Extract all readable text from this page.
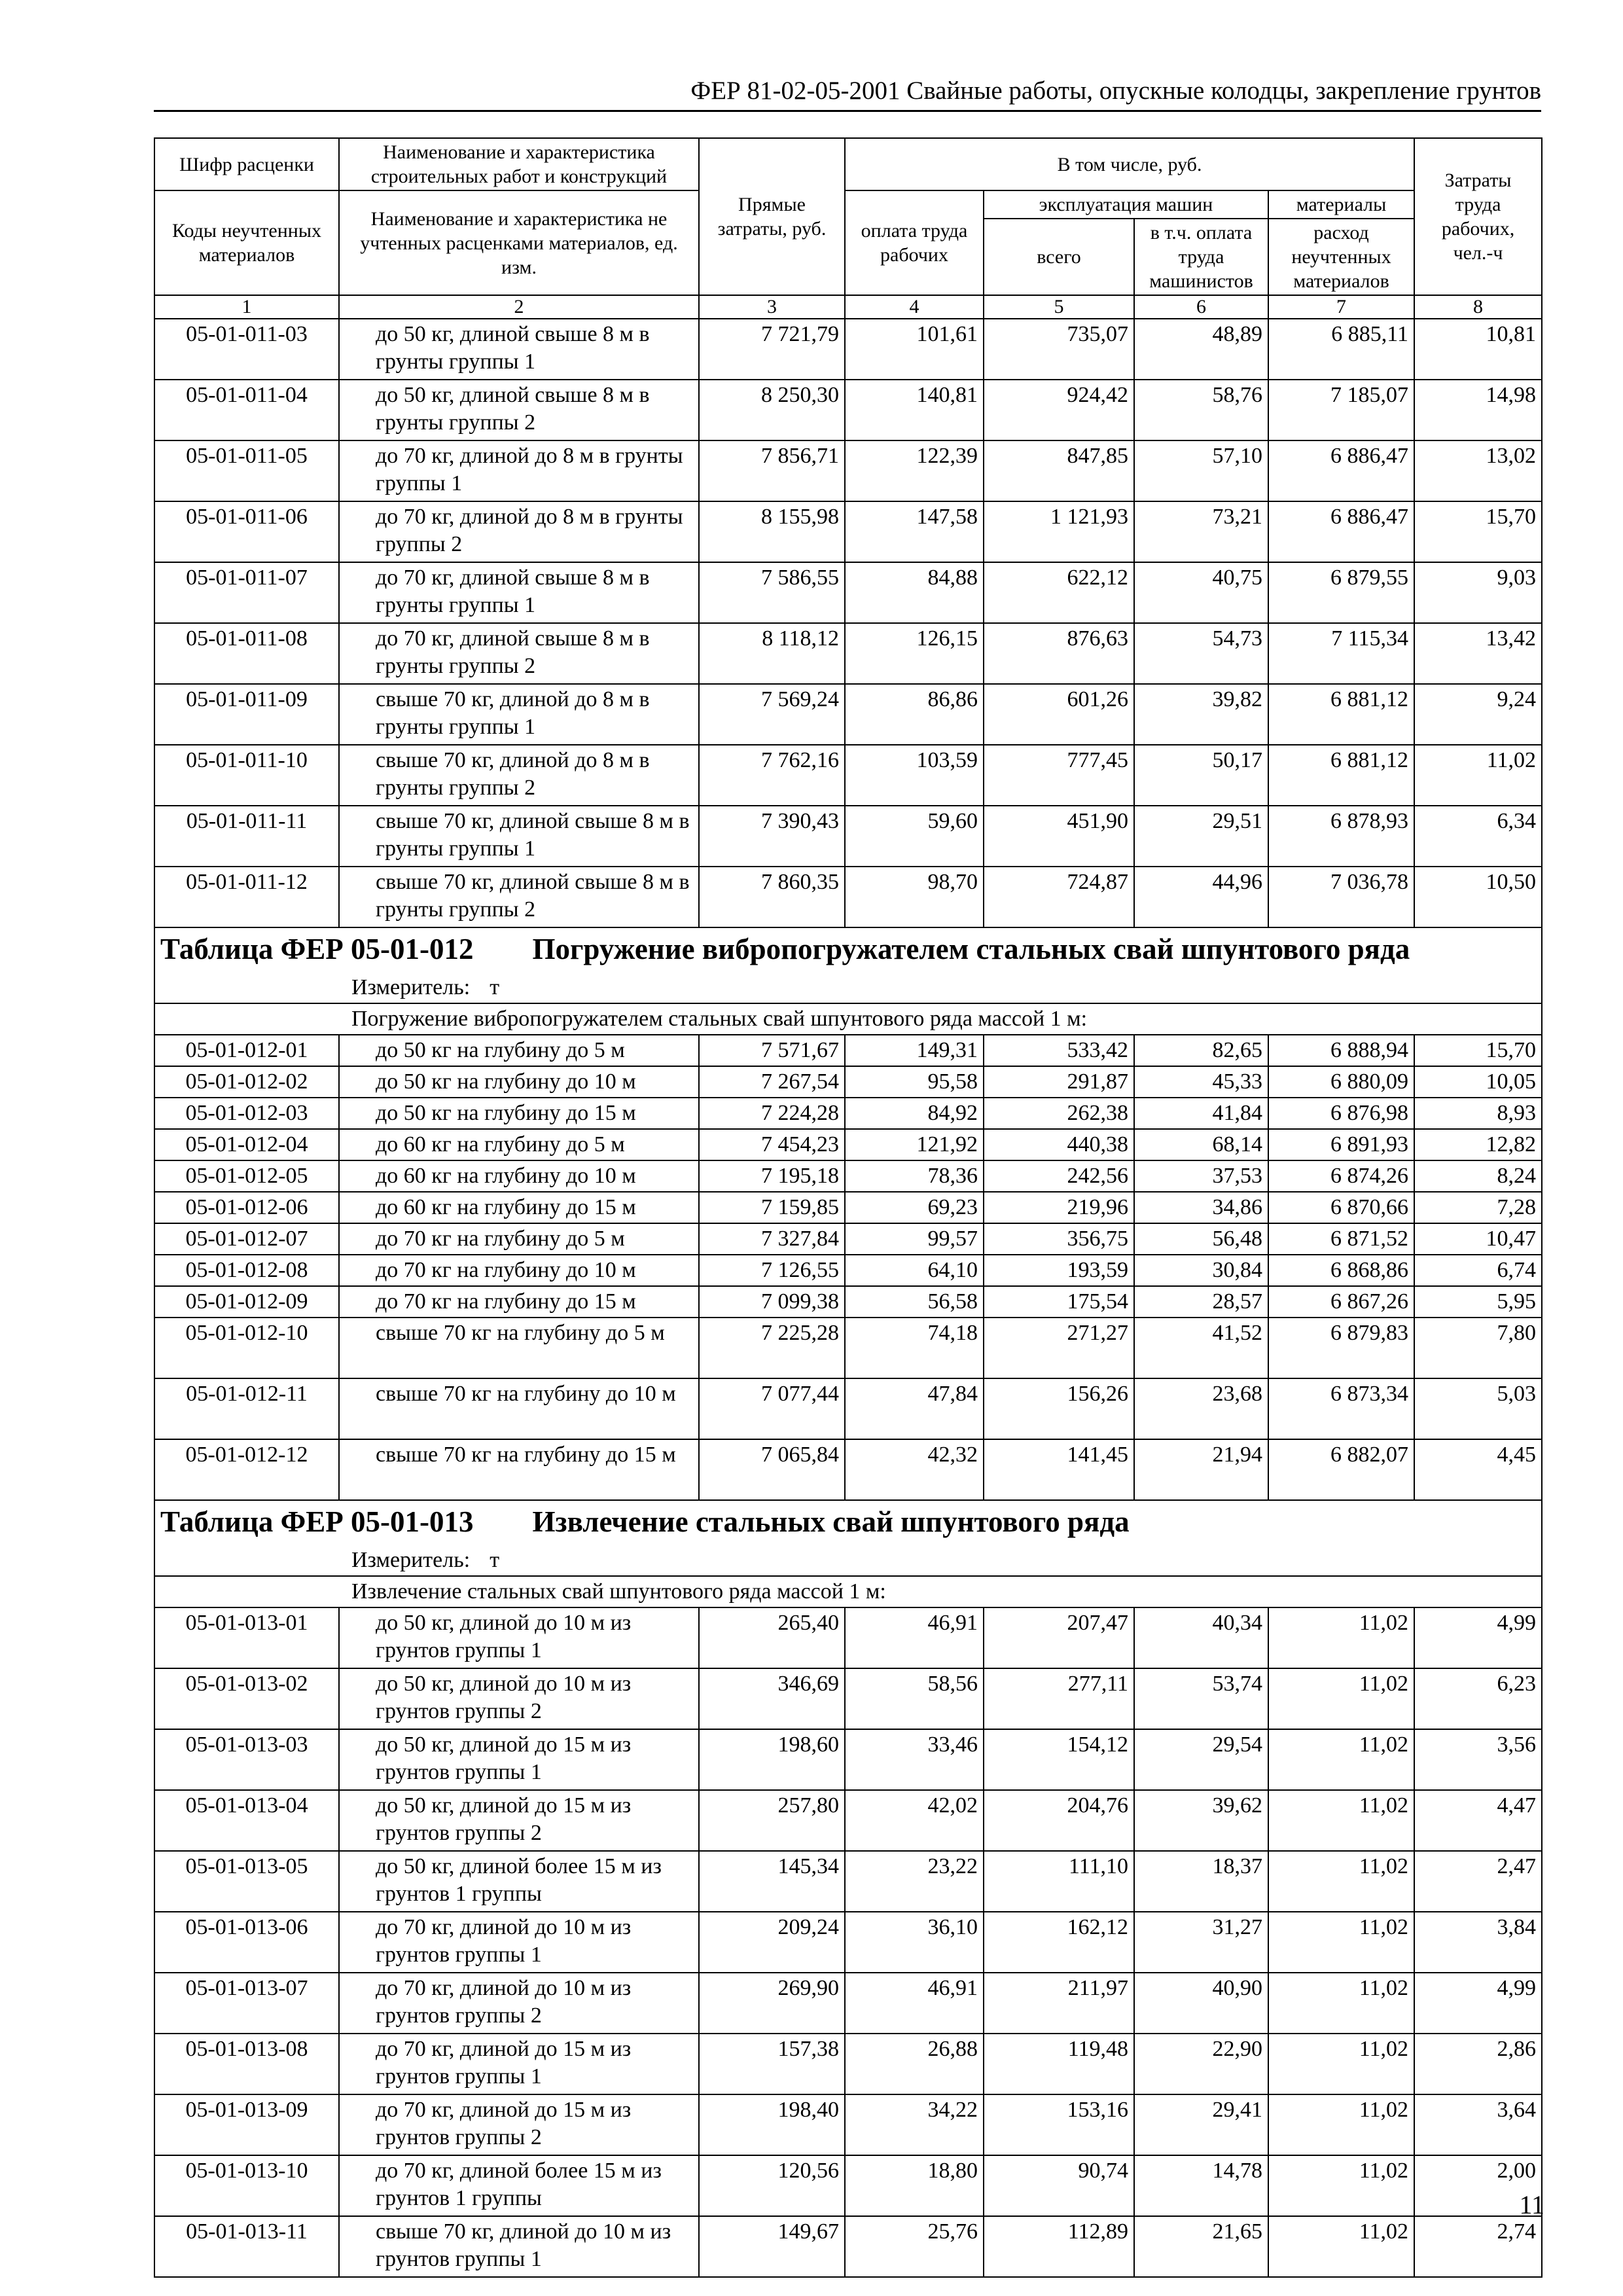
ФЕР 81-02-05-2001 Свайные работы, опускные колодцы, закрепление грунтов
Шифр расценки	Наименование и характеристика строительных работ и конструкций	Прямые затраты, руб.	В том числе, руб.				Затраты труда рабочих, чел.-ч
Коды неучтенных материалов	Наименование и характеристика не учтенных расценками материалов, ед. изм.		оплата труда рабочих	эксплуатация машин		материалы	
				всего	в т.ч. оплата труда машинистов	расход неучтенных материалов	
1	2	3	4	5	6	7	8
05-01-011-03	до 50 кг, длиной свыше 8 м в грунты группы 1	7 721,79	101,61	735,07	48,89	6 885,11	10,81
05-01-011-04	до 50 кг, длиной свыше 8 м в грунты группы 2	8 250,30	140,81	924,42	58,76	7 185,07	14,98
05-01-011-05	до 70 кг, длиной до 8 м в грунты группы 1	7 856,71	122,39	847,85	57,10	6 886,47	13,02
05-01-011-06	до 70 кг, длиной до 8 м в грунты группы 2	8 155,98	147,58	1 121,93	73,21	6 886,47	15,70
05-01-011-07	до 70 кг, длиной свыше 8 м в грунты группы 1	7 586,55	84,88	622,12	40,75	6 879,55	9,03
05-01-011-08	до 70 кг, длиной свыше 8 м в грунты группы 2	8 118,12	126,15	876,63	54,73	7 115,34	13,42
05-01-011-09	свыше 70 кг, длиной до 8 м в грунты группы 1	7 569,24	86,86	601,26	39,82	6 881,12	9,24
05-01-011-10	свыше 70 кг, длиной до 8 м в грунты группы 2	7 762,16	103,59	777,45	50,17	6 881,12	11,02
05-01-011-11	свыше 70 кг, длиной свыше 8 м в грунты группы 1	7 390,43	59,60	451,90	29,51	6 878,93	6,34
05-01-011-12	свыше 70 кг, длиной свыше 8 м в грунты группы 2	7 860,35	98,70	724,87	44,96	7 036,78	10,50
Таблица ФЕР 05-01-012 Погружение вибропогружателем стальных свай шпунтового ряда							
Измеритель: т							
Погружение вибропогружателем стальных свай шпунтового ряда массой 1 м:							
05-01-012-01	до 50 кг на глубину до 5 м	7 571,67	149,31	533,42	82,65	6 888,94	15,70
05-01-012-02	до 50 кг на глубину до 10 м	7 267,54	95,58	291,87	45,33	6 880,09	10,05
05-01-012-03	до 50 кг на глубину до 15 м	7 224,28	84,92	262,38	41,84	6 876,98	8,93
05-01-012-04	до 60 кг на глубину до 5 м	7 454,23	121,92	440,38	68,14	6 891,93	12,82
05-01-012-05	до 60 кг на глубину до 10 м	7 195,18	78,36	242,56	37,53	6 874,26	8,24
05-01-012-06	до 60 кг на глубину до 15 м	7 159,85	69,23	219,96	34,86	6 870,66	7,28
05-01-012-07	до 70 кг на глубину до 5 м	7 327,84	99,57	356,75	56,48	6 871,52	10,47
05-01-012-08	до 70 кг на глубину до 10 м	7 126,55	64,10	193,59	30,84	6 868,86	6,74
05-01-012-09	до 70 кг на глубину до 15 м	7 099,38	56,58	175,54	28,57	6 867,26	5,95
05-01-012-10	свыше 70 кг на глубину до 5 м	7 225,28	74,18	271,27	41,52	6 879,83	7,80
05-01-012-11	свыше 70 кг на глубину до 10 м	7 077,44	47,84	156,26	23,68	6 873,34	5,03
05-01-012-12	свыше 70 кг на глубину до 15 м	7 065,84	42,32	141,45	21,94	6 882,07	4,45
Таблица ФЕР 05-01-013 Извлечение стальных свай шпунтового ряда							
Измеритель: т							
Извлечение стальных свай шпунтового ряда массой 1 м:							
05-01-013-01	до 50 кг, длиной до 10 м из грунтов группы 1	265,40	46,91	207,47	40,34	11,02	4,99
05-01-013-02	до 50 кг, длиной до 10 м из грунтов группы 2	346,69	58,56	277,11	53,74	11,02	6,23
05-01-013-03	до 50 кг, длиной до 15 м из грунтов группы 1	198,60	33,46	154,12	29,54	11,02	3,56
05-01-013-04	до 50 кг, длиной до 15 м из грунтов группы 2	257,80	42,02	204,76	39,62	11,02	4,47
05-01-013-05	до 50 кг, длиной более 15 м из грунтов 1 группы	145,34	23,22	111,10	18,37	11,02	2,47
05-01-013-06	до 70 кг, длиной до 10 м из грунтов группы 1	209,24	36,10	162,12	31,27	11,02	3,84
05-01-013-07	до 70 кг, длиной до 10 м из грунтов группы 2	269,90	46,91	211,97	40,90	11,02	4,99
05-01-013-08	до 70 кг, длиной до 15 м из грунтов группы 1	157,38	26,88	119,48	22,90	11,02	2,86
05-01-013-09	до 70 кг, длиной до 15 м из грунтов группы 2	198,40	34,22	153,16	29,41	11,02	3,64
05-01-013-10	до 70 кг, длиной более 15 м из грунтов 1 группы	120,56	18,80	90,74	14,78	11,02	2,00
05-01-013-11	свыше 70 кг, длиной до 10 м из грунтов группы 1	149,67	25,76	112,89	21,65	11,02	2,74
11
